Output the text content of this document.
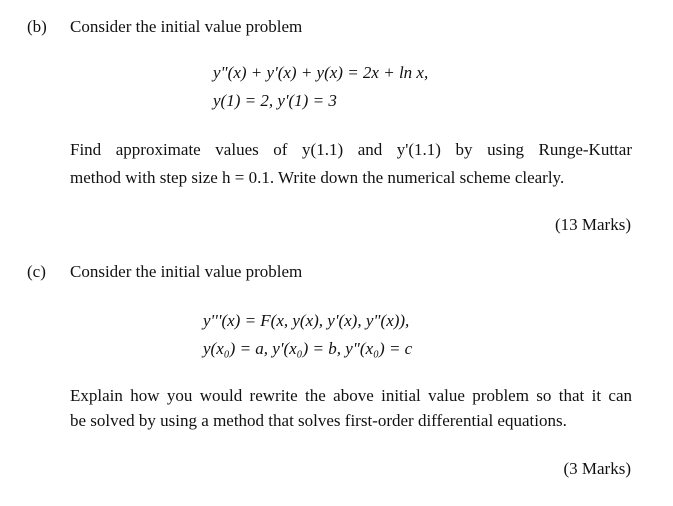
(b) Consider the initial value problem
y"(x) + y'(x) + y(x) = 2x + ln x,
y(1) = 2, y'(1) = 3
Find approximate values of y(1.1) and y'(1.1) by using Runge-Kuttar
method with step size h = 0.1. Write down the numerical scheme clearly.
(13 Marks)
(c) Consider the initial value problem
y'''(x) = F(x, y(x), y'(x), y"(x)),
y(x₀) = a, y'(x₀) = b, y"(x₀) = c
Explain how you would rewrite the above initial value problem so that it can
be solved by using a method that solves first-order differential equations.
(3 Marks)
